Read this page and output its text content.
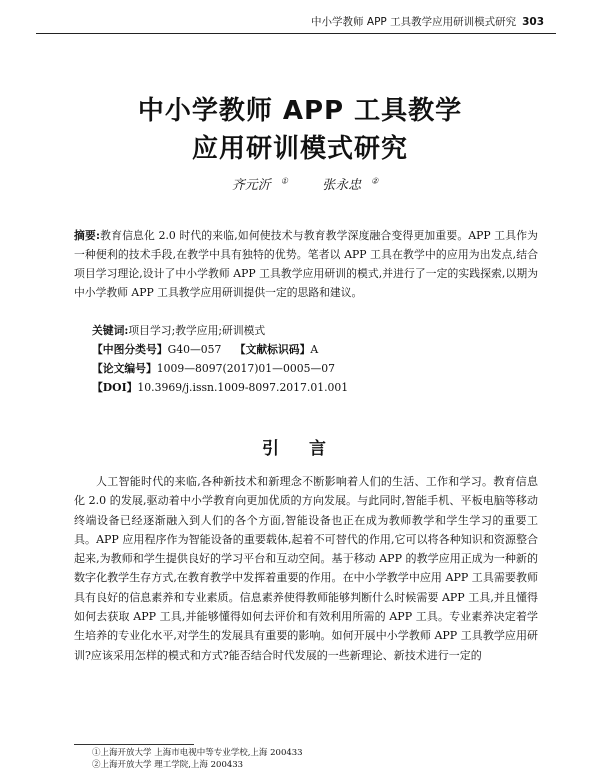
中小学教师 APP 工具教学应用研训模式研究 303
中小学教师 APP 工具教学
应用研训模式研究
齐元沂 ①	张永忠 ②
摘要:教育信息化 2.0 时代的来临,如何使技术与教育教学深度融合变得更加重要。APP 工具作为一种便利的技术手段,在教学中具有独特的优势。笔者以 APP 工具在教学中的应用为出发点,结合项目学习理论,设计了中小学教师 APP 工具教学应用研训的模式,并进行了一定的实践探索,以期为中小学教师 APP 工具教学应用研训提供一定的思路和建议。
关键词:项目学习;教学应用;研训模式
【中图分类号】G40—057 【文献标识码】A
【论文编号】1009—8097(2017)01—0005—07
【DOI】10.3969/j.issn.1009-8097.2017.01.001
引 言
人工智能时代的来临,各种新技术和新理念不断影响着人们的生活、工作和学习。教育信息化 2.0 的发展,驱动着中小学教育向更加优质的方向发展。与此同时,智能手机、平板电脑等移动终端设备已经逐渐融入到人们的各个方面,智能设备也正在成为教师教学和学生学习的重要工具。APP 应用程序作为智能设备的重要载体,起着不可替代的作用,它可以将各种知识和资源整合起来,为教师和学生提供良好的学习平台和互动空间。基于移动 APP 的教学应用正成为一种新的数字化教学生存方式,在教育教学中发挥着重要的作用。在中小学教学中应用 APP 工具需要教师具有良好的信息素养和专业素质。信息素养使得教师能够判断什么时候需要 APP 工具,并且懂得如何去获取 APP 工具,并能够懂得如何去评价和有效利用所需的 APP 工具。专业素养决定着学生培养的专业化水平,对学生的发展具有重要的影响。如何开展中小学教师 APP 工具教学应用研训?应该采用怎样的模式和方式?能否结合时代发展的一些新理论、新技术进行一定的
①上海开放大学 上海市电视中等专业学校,上海 200433
②上海开放大学 理工学院,上海 200433
